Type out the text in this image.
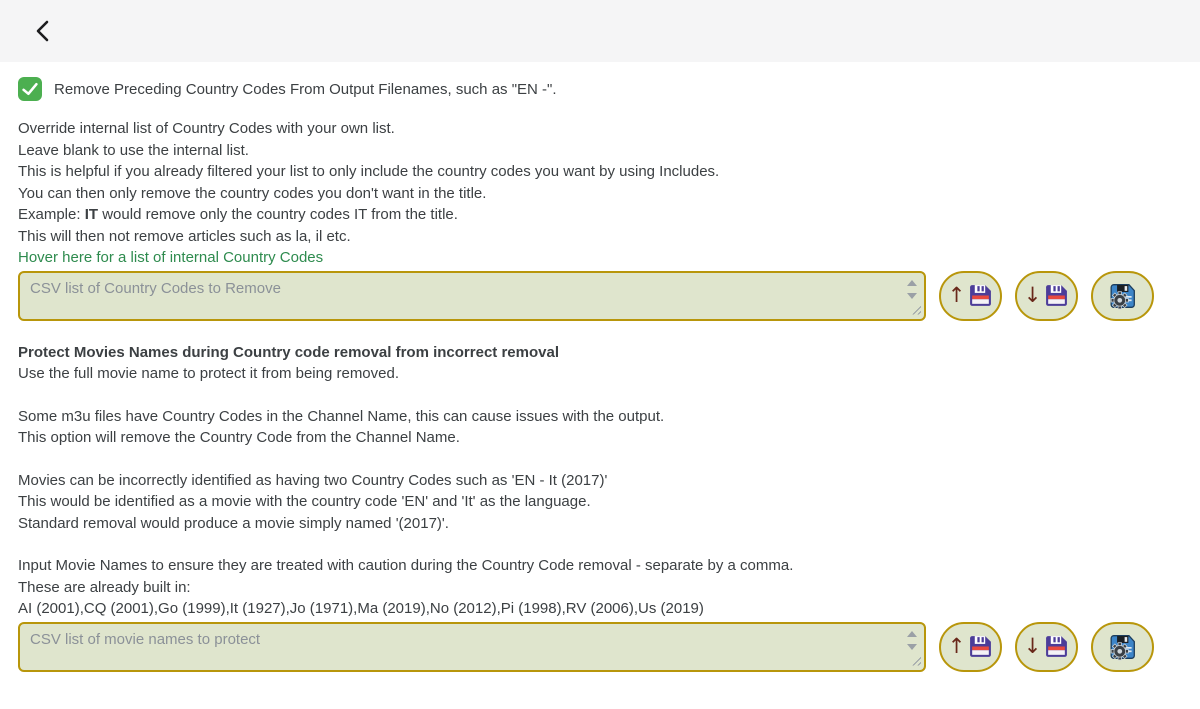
Remove Preceding Country Codes From Output Filenames, such as "EN -".

Override internal list of Country Codes with your own list.

Leave blank to use the internal list.

This is helpful if you already filtered your list to only include the country codes you want by using Includes.

You can then only remove the country codes you don't want in the title.

Example: IT would remove only the country codes IT from the title.

This will then not remove articles such as la, il etc.

Hover here for a list of internal Country Codes
CSV list of Country Codes to Remove
↑	↓

Protect Movies Names during Country code removal from incorrect removal

Use the full movie name to protect it from being removed.

Some m3u files have Country Codes in the Channel Name, this can cause issues with the output.

This option will remove the Country Code from the Channel Name.

Movies can be incorrectly identified as having two Country Codes such as 'EN - It (2017)'

This would be identified as a movie with the country code 'EN' and 'It' as the language.

Standard removal would produce a movie simply named '(2017)'.

Input Movie Names to ensure they are treated with caution during the Country Code removal - separate by a comma.

These are already built in:

AI (2001),CQ (2001),Go (1999),It (1927),Jo (1971),Ma (2019),No (2012),Pi (1998),RV (2006),Us (2019)

CSV list of movie names to protect
↑	↓
